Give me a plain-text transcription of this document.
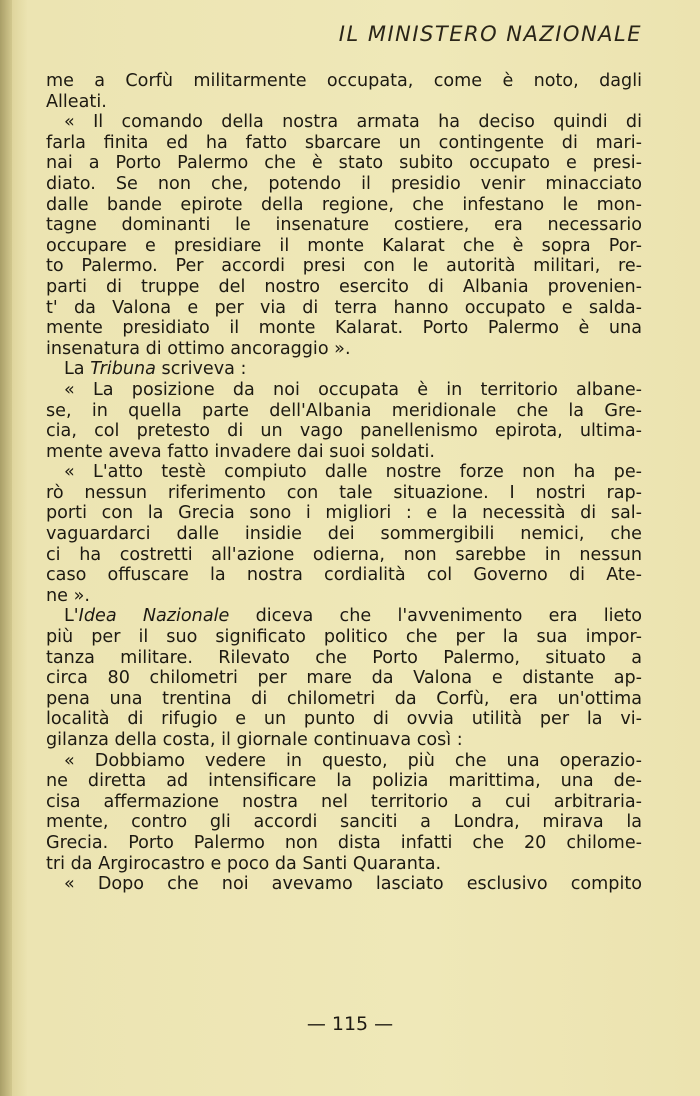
IL MINISTERO NAZIONALE
me a Corfù militarmente occupata, come è noto, dagli
Alleati.
« Il comando della nostra armata ha deciso quindi di
farla finita ed ha fatto sbarcare un contingente di mari-
nai a Porto Palermo che è stato subito occupato e presi-
diato. Se non che, potendo il presidio venir minacciato
dalle bande epirote della regione, che infestano le mon-
tagne dominanti le insenature costiere, era necessario
occupare e presidiare il monte Kalarat che è sopra Por-
to Palermo. Per accordi presi con le autorità militari, re-
parti di truppe del nostro esercito di Albania provenien-
t' da Valona e per via di terra hanno occupato e salda-
mente presidiato il monte Kalarat. Porto Palermo è una
insenatura di ottimo ancoraggio ».
La Tribuna scriveva :
« La posizione da noi occupata è in territorio albane-
se, in quella parte dell'Albania meridionale che la Gre-
cia, col pretesto di un vago panellenismo epirota, ultima-
mente aveva fatto invadere dai suoi soldati.
« L'atto testè compiuto dalle nostre forze non ha pe-
rò nessun riferimento con tale situazione. I nostri rap-
porti con la Grecia sono i migliori : e la necessità di sal-
vaguardarci dalle insidie dei sommergibili nemici, che
ci ha costretti all'azione odierna, non sarebbe in nessun
caso offuscare la nostra cordialità col Governo di Ate-
ne ».
L'Idea Nazionale diceva che l'avvenimento era lieto
più per il suo significato politico che per la sua impor-
tanza militare. Rilevato che Porto Palermo, situato a
circa 80 chilometri per mare da Valona e distante ap-
pena una trentina di chilometri da Corfù, era un'ottima
località di rifugio e un punto di ovvia utilità per la vi-
gilanza della costa, il giornale continuava così :
« Dobbiamo vedere in questo, più che una operazio-
ne diretta ad intensificare la polizia marittima, una de-
cisa affermazione nostra nel territorio a cui arbitraria-
mente, contro gli accordi sanciti a Londra, mirava la
Grecia. Porto Palermo non dista infatti che 20 chilome-
tri da Argirocastro e poco da Santi Quaranta.
« Dopo che noi avevamo lasciato esclusivo compito
— 115 —
